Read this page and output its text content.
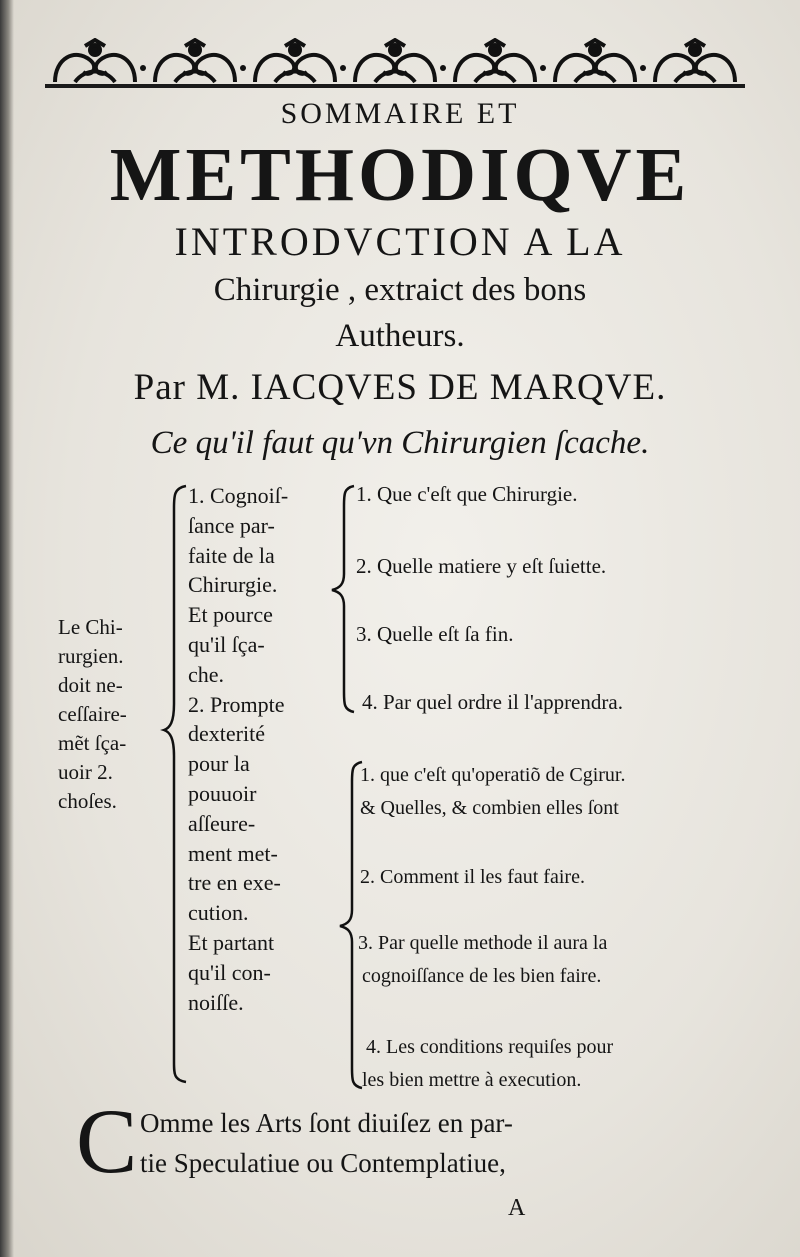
SOMMAIRE ET
METHODIQVE
INTRODVCTION A LA
Chirurgie , extraict des bons
Autheurs.
Par M. IACQVES DE MARQVE.
Ce qu'il faut qu'vn Chirurgien ſcache.
Le Chi-
rurgien.
doit ne-
ceſſaire-
mẽt ſça-
uoir 2.
choſes.
1. Cognoiſ-
ſance par-
faite de la
Chirurgie.
Et pource
qu'il ſça-
che.
2. Prompte
dexterité
pour la
pouuoir
aſſeure-
ment met-
tre en exe-
cution.
Et partant
qu'il con-
noiſſe.
1. Que c'eſt que Chirurgie.
2. Quelle matiere y eſt ſuiette.
3. Quelle eſt ſa fin.
4. Par quel ordre il l'apprendra.
1. que c'eſt qu'operatiõ de Cgirur.
& Quelles, & combien elles ſont
2. Comment il les faut faire.
3. Par quelle methode il aura la
cognoiſſance de les bien faire.
4. Les conditions requiſes pour
les bien mettre à execution.
C Omme les Arts ſont diuiſez en par-
tie Speculatiue ou Contemplatiue,
A
